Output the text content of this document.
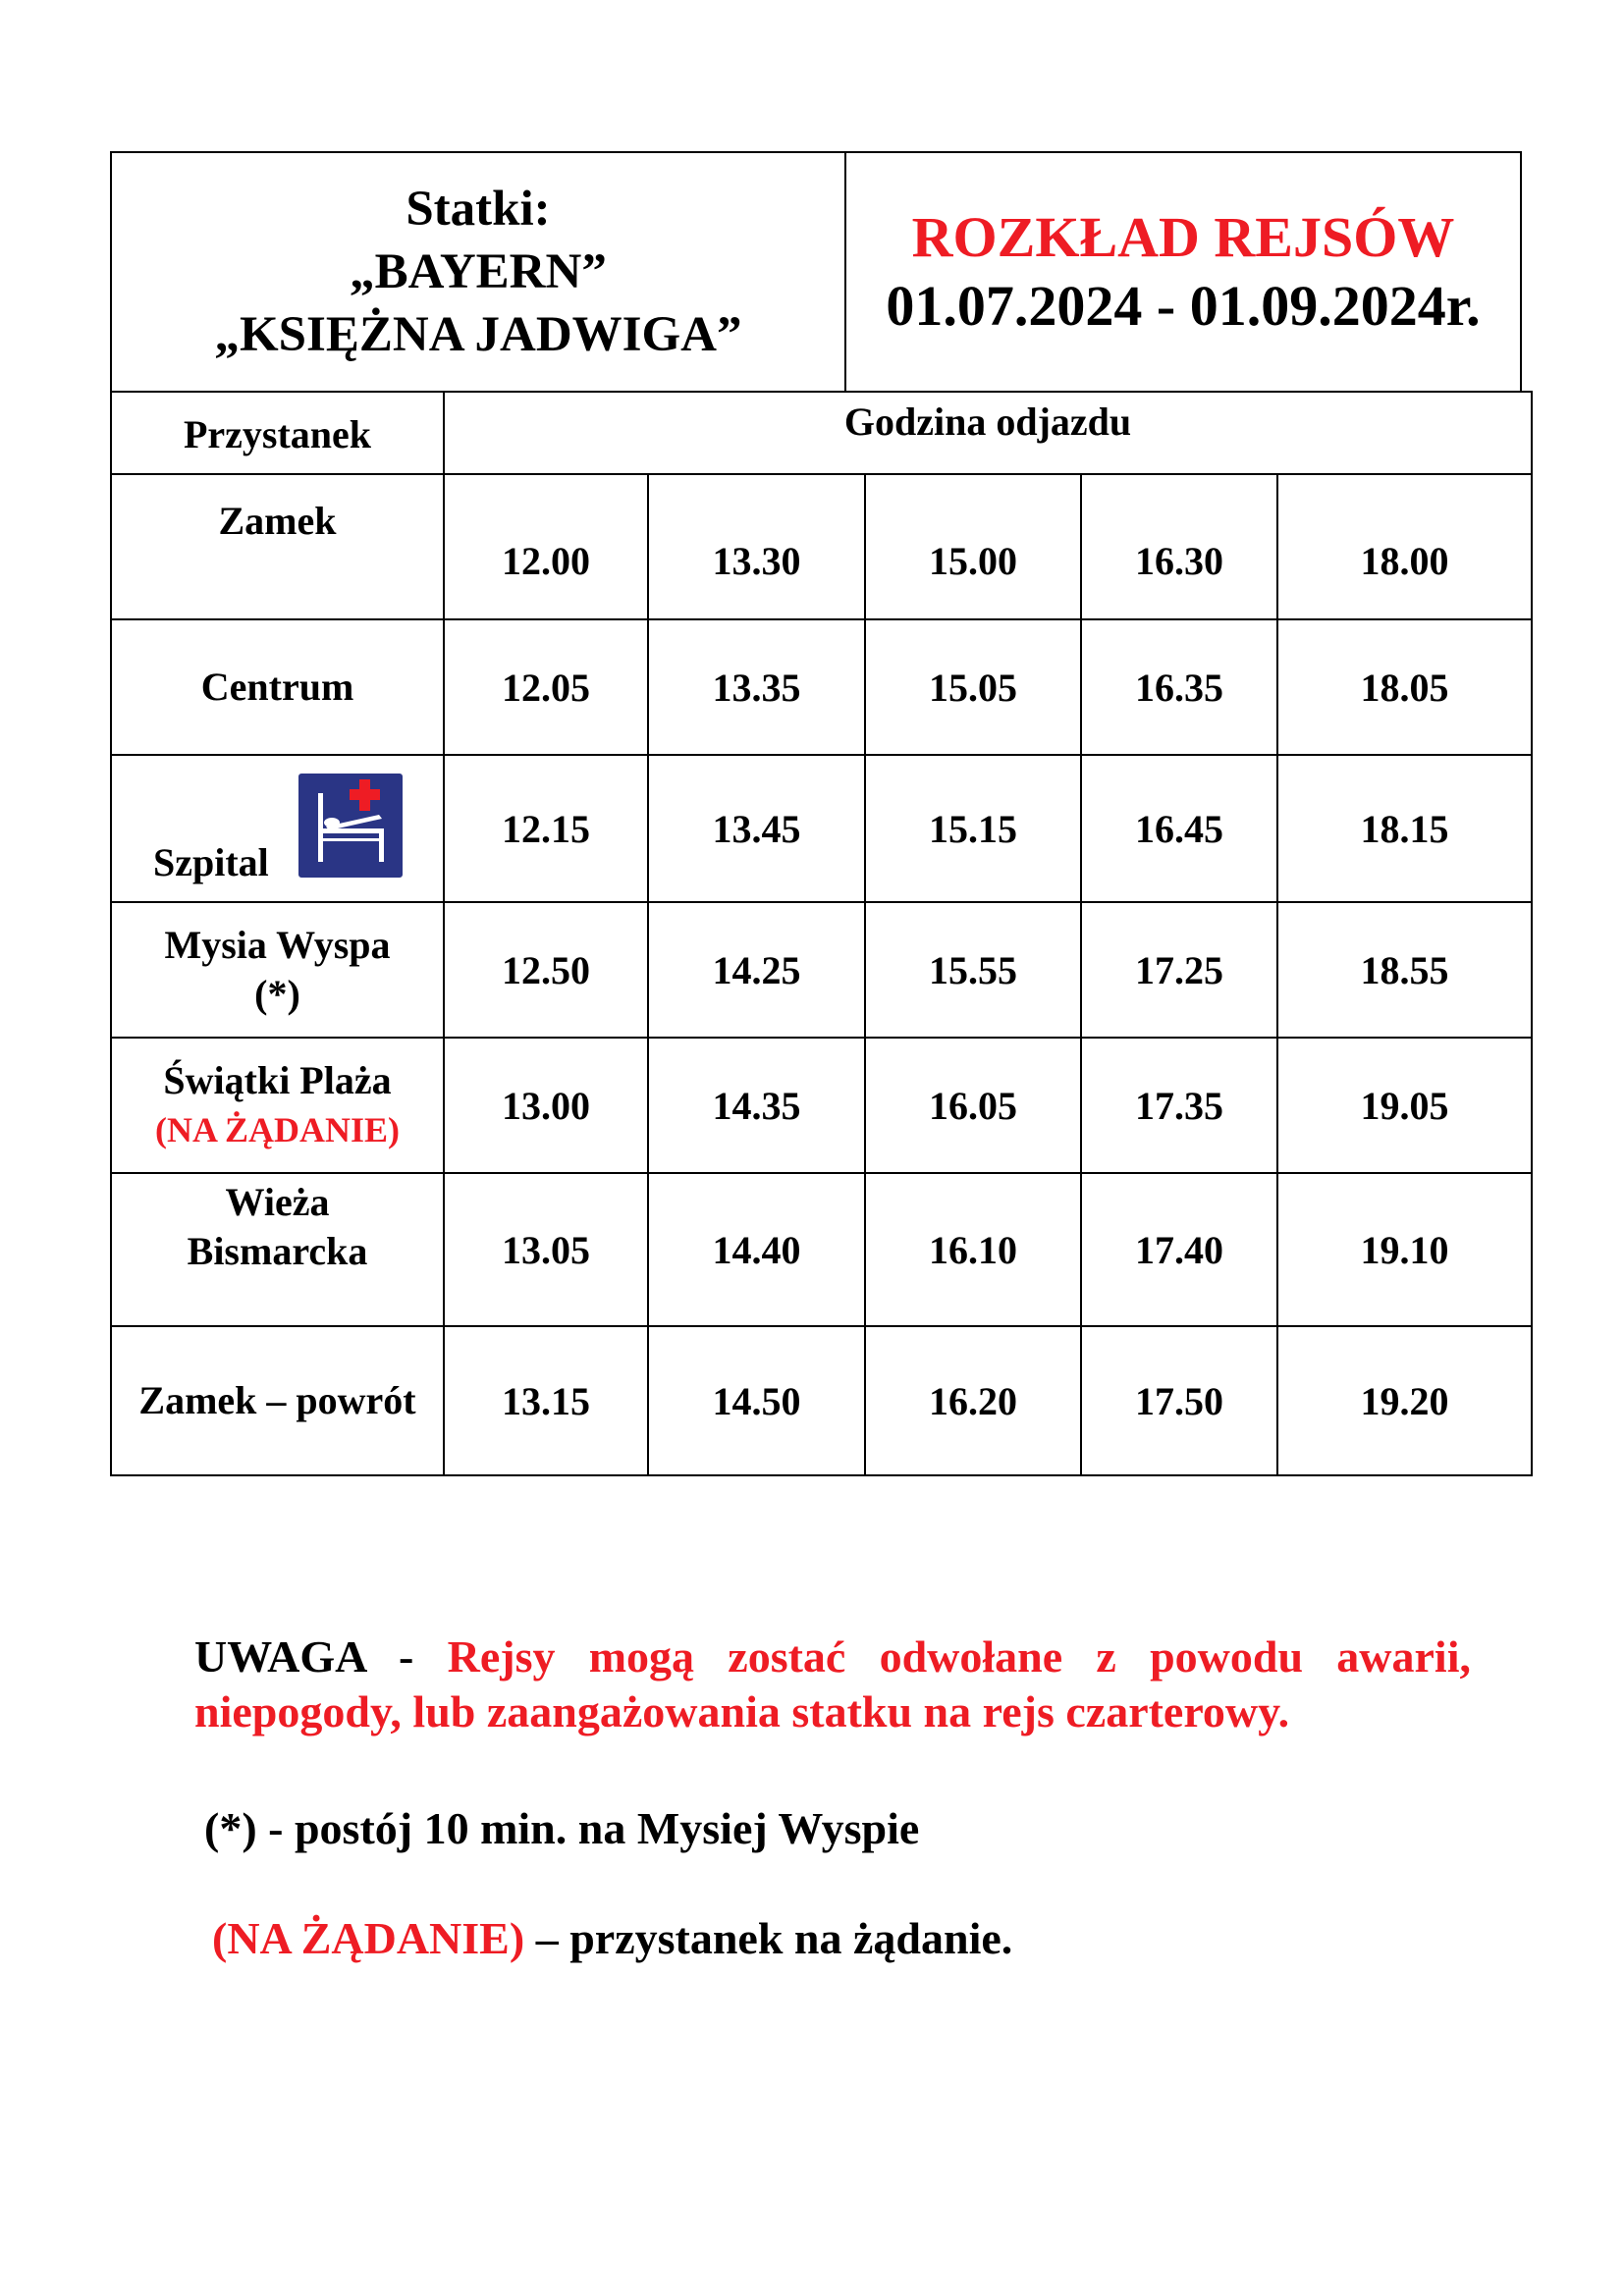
Statki:
„BAYERN”
„KSIĘŻNA JADWIGA”
ROZKŁAD REJSÓW
01.07.2024 - 01.09.2024r.
Przystanek	Godzina odjazdu				
Zamek	12.00	13.30	15.00	16.30	18.00
Centrum	12.05	13.35	15.05	16.35	18.05

Szpital	12.15	13.45	15.15	16.45	18.15

Mysia Wyspa
(*)	12.50	14.25	15.55	17.25	18.55

Świątki Plaża
(NA ŻĄDANIE)	13.00	14.35	16.05	17.35	19.05

Wieża
Bismarcka	13.05	14.40	16.10	17.40	19.10
Zamek – powrót	13.15	14.50	16.20	17.50	19.20
UWAGA - Rejsy mogą zostać odwołane z powodu awarii, niepogody, lub zaangażowania statku na rejs czarterowy.
(*) - postój 10 min. na Mysiej Wyspie
(NA ŻĄDANIE) – przystanek na żądanie.
